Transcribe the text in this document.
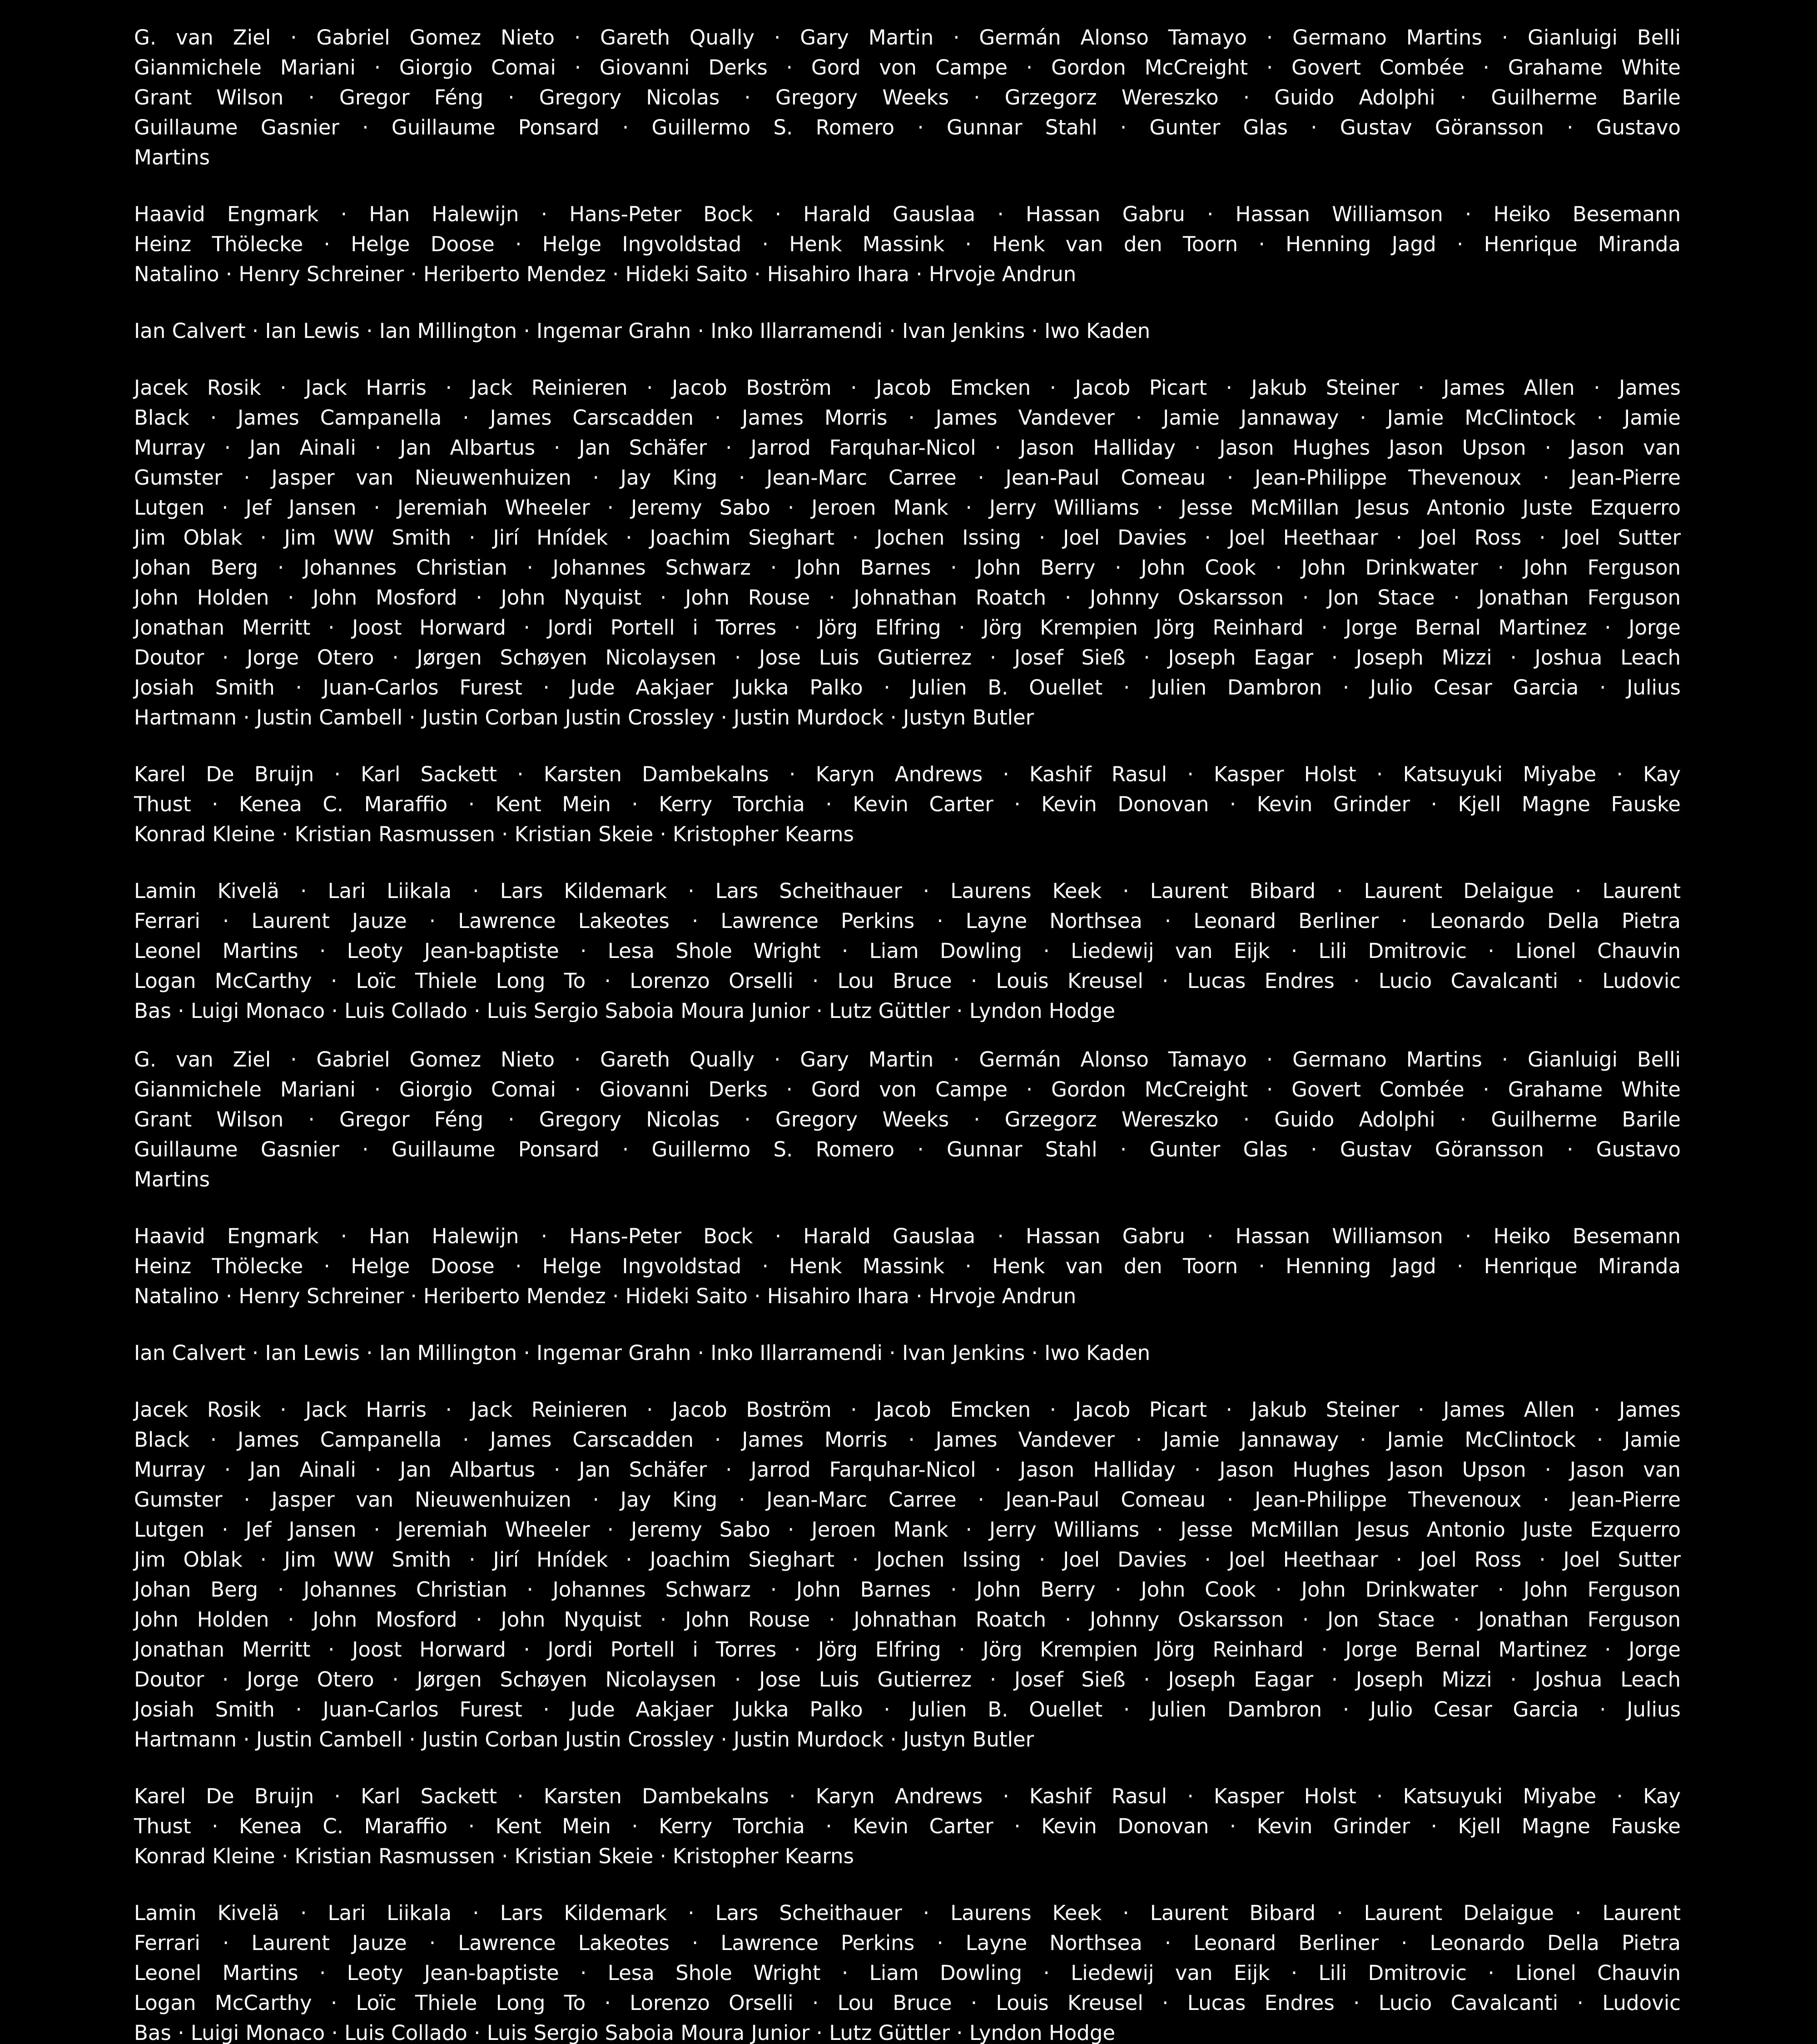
G. van Ziel · Gabriel Gomez Nieto · Gareth Qually · Gary Martin · Germán Alonso Tamayo · Germano Martins · Gianluigi Belli
Gianmichele Mariani · Giorgio Comai · Giovanni Derks · Gord von Campe · Gordon McCreight · Govert Combée · Grahame White
Grant Wilson · Gregor Féng · Gregory Nicolas · Gregory Weeks · Grzegorz Wereszko · Guido Adolphi · Guilherme Barile
Guillaume Gasnier · Guillaume Ponsard · Guillermo S. Romero · Gunnar Stahl · Gunter Glas · Gustav Göransson · Gustavo
Martins
Haavid Engmark · Han Halewijn · Hans-Peter Bock · Harald Gauslaa · Hassan Gabru · Hassan Williamson · Heiko Besemann
Heinz Thölecke · Helge Doose · Helge Ingvoldstad · Henk Massink · Henk van den Toorn · Henning Jagd · Henrique Miranda
Natalino · Henry Schreiner · Heriberto Mendez · Hideki Saito · Hisahiro Ihara · Hrvoje Andrun
Ian Calvert · Ian Lewis · Ian Millington · Ingemar Grahn · Inko Illarramendi · Ivan Jenkins · Iwo Kaden
Jacek Rosik · Jack Harris · Jack Reinieren · Jacob Boström · Jacob Emcken · Jacob Picart · Jakub Steiner · James Allen · James
Black · James Campanella · James Carscadden · James Morris · James Vandever · Jamie Jannaway · Jamie McClintock · Jamie
Murray · Jan Ainali · Jan Albartus · Jan Schäfer · Jarrod Farquhar-Nicol · Jason Halliday · Jason Hughes Jason Upson · Jason van
Gumster · Jasper van Nieuwenhuizen · Jay King · Jean-Marc Carree · Jean-Paul Comeau · Jean-Philippe Thevenoux · Jean-Pierre
Lutgen · Jef Jansen · Jeremiah Wheeler · Jeremy Sabo · Jeroen Mank · Jerry Williams · Jesse McMillan Jesus Antonio Juste Ezquerro
Jim Oblak · Jim WW Smith · Jirí Hnídek · Joachim Sieghart · Jochen Issing · Joel Davies · Joel Heethaar · Joel Ross · Joel Sutter
Johan Berg · Johannes Christian · Johannes Schwarz · John Barnes · John Berry · John Cook · John Drinkwater · John Ferguson
John Holden · John Mosford · John Nyquist · John Rouse · Johnathan Roatch · Johnny Oskarsson · Jon Stace · Jonathan Ferguson
Jonathan Merritt · Joost Horward · Jordi Portell i Torres · Jörg Elfring · Jörg Krempien Jörg Reinhard · Jorge Bernal Martinez · Jorge
Doutor · Jorge Otero · Jørgen Schøyen Nicolaysen · Jose Luis Gutierrez · Josef Sieß · Joseph Eagar · Joseph Mizzi · Joshua Leach
Josiah Smith · Juan-Carlos Furest · Jude Aakjaer Jukka Palko · Julien B. Ouellet · Julien Dambron · Julio Cesar Garcia · Julius
Hartmann · Justin Cambell · Justin Corban Justin Crossley · Justin Murdock · Justyn Butler
Karel De Bruijn · Karl Sackett · Karsten Dambekalns · Karyn Andrews · Kashif Rasul · Kasper Holst · Katsuyuki Miyabe · Kay
Thust · Kenea C. Maraffio · Kent Mein · Kerry Torchia · Kevin Carter · Kevin Donovan · Kevin Grinder · Kjell Magne Fauske
Konrad Kleine · Kristian Rasmussen · Kristian Skeie · Kristopher Kearns
Lamin Kivelä · Lari Liikala · Lars Kildemark · Lars Scheithauer · Laurens Keek · Laurent Bibard · Laurent Delaigue · Laurent
Ferrari · Laurent Jauze · Lawrence Lakeotes · Lawrence Perkins · Layne Northsea · Leonard Berliner · Leonardo Della Pietra
Leonel Martins · Leoty Jean-baptiste · Lesa Shole Wright · Liam Dowling · Liedewij van Eijk · Lili Dmitrovic · Lionel Chauvin
Logan McCarthy · Loïc Thiele Long To · Lorenzo Orselli · Lou Bruce · Louis Kreusel · Lucas Endres · Lucio Cavalcanti · Ludovic
Bas · Luigi Monaco · Luis Collado · Luis Sergio Saboia Moura Junior · Lutz Güttler · Lyndon Hodge
G. van Ziel · Gabriel Gomez Nieto · Gareth Qually · Gary Martin · Germán Alonso Tamayo · Germano Martins · Gianluigi Belli
Gianmichele Mariani · Giorgio Comai · Giovanni Derks · Gord von Campe · Gordon McCreight · Govert Combée · Grahame White
Grant Wilson · Gregor Féng · Gregory Nicolas · Gregory Weeks · Grzegorz Wereszko · Guido Adolphi · Guilherme Barile
Guillaume Gasnier · Guillaume Ponsard · Guillermo S. Romero · Gunnar Stahl · Gunter Glas · Gustav Göransson · Gustavo
Martins
Haavid Engmark · Han Halewijn · Hans-Peter Bock · Harald Gauslaa · Hassan Gabru · Hassan Williamson · Heiko Besemann
Heinz Thölecke · Helge Doose · Helge Ingvoldstad · Henk Massink · Henk van den Toorn · Henning Jagd · Henrique Miranda
Natalino · Henry Schreiner · Heriberto Mendez · Hideki Saito · Hisahiro Ihara · Hrvoje Andrun
Ian Calvert · Ian Lewis · Ian Millington · Ingemar Grahn · Inko Illarramendi · Ivan Jenkins · Iwo Kaden
Jacek Rosik · Jack Harris · Jack Reinieren · Jacob Boström · Jacob Emcken · Jacob Picart · Jakub Steiner · James Allen · James
Black · James Campanella · James Carscadden · James Morris · James Vandever · Jamie Jannaway · Jamie McClintock · Jamie
Murray · Jan Ainali · Jan Albartus · Jan Schäfer · Jarrod Farquhar-Nicol · Jason Halliday · Jason Hughes Jason Upson · Jason van
Gumster · Jasper van Nieuwenhuizen · Jay King · Jean-Marc Carree · Jean-Paul Comeau · Jean-Philippe Thevenoux · Jean-Pierre
Lutgen · Jef Jansen · Jeremiah Wheeler · Jeremy Sabo · Jeroen Mank · Jerry Williams · Jesse McMillan Jesus Antonio Juste Ezquerro
Jim Oblak · Jim WW Smith · Jirí Hnídek · Joachim Sieghart · Jochen Issing · Joel Davies · Joel Heethaar · Joel Ross · Joel Sutter
Johan Berg · Johannes Christian · Johannes Schwarz · John Barnes · John Berry · John Cook · John Drinkwater · John Ferguson
John Holden · John Mosford · John Nyquist · John Rouse · Johnathan Roatch · Johnny Oskarsson · Jon Stace · Jonathan Ferguson
Jonathan Merritt · Joost Horward · Jordi Portell i Torres · Jörg Elfring · Jörg Krempien Jörg Reinhard · Jorge Bernal Martinez · Jorge
Doutor · Jorge Otero · Jørgen Schøyen Nicolaysen · Jose Luis Gutierrez · Josef Sieß · Joseph Eagar · Joseph Mizzi · Joshua Leach
Josiah Smith · Juan-Carlos Furest · Jude Aakjaer Jukka Palko · Julien B. Ouellet · Julien Dambron · Julio Cesar Garcia · Julius
Hartmann · Justin Cambell · Justin Corban Justin Crossley · Justin Murdock · Justyn Butler
Karel De Bruijn · Karl Sackett · Karsten Dambekalns · Karyn Andrews · Kashif Rasul · Kasper Holst · Katsuyuki Miyabe · Kay
Thust · Kenea C. Maraffio · Kent Mein · Kerry Torchia · Kevin Carter · Kevin Donovan · Kevin Grinder · Kjell Magne Fauske
Konrad Kleine · Kristian Rasmussen · Kristian Skeie · Kristopher Kearns
Lamin Kivelä · Lari Liikala · Lars Kildemark · Lars Scheithauer · Laurens Keek · Laurent Bibard · Laurent Delaigue · Laurent
Ferrari · Laurent Jauze · Lawrence Lakeotes · Lawrence Perkins · Layne Northsea · Leonard Berliner · Leonardo Della Pietra
Leonel Martins · Leoty Jean-baptiste · Lesa Shole Wright · Liam Dowling · Liedewij van Eijk · Lili Dmitrovic · Lionel Chauvin
Logan McCarthy · Loïc Thiele Long To · Lorenzo Orselli · Lou Bruce · Louis Kreusel · Lucas Endres · Lucio Cavalcanti · Ludovic
Bas · Luigi Monaco · Luis Collado · Luis Sergio Saboia Moura Junior · Lutz Güttler · Lyndon Hodge
